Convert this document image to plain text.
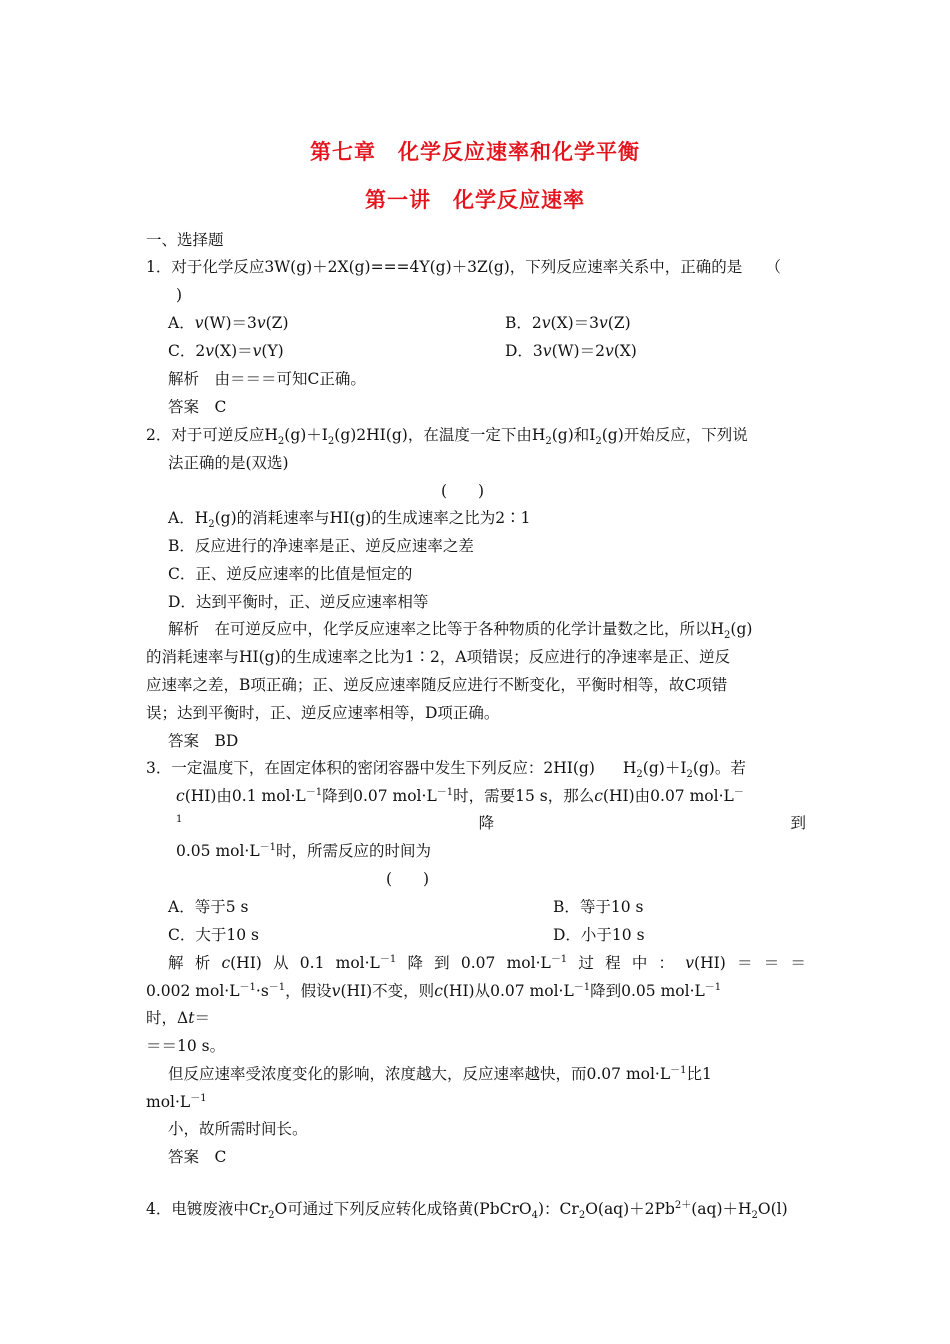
第七章　化学反应速率和化学平衡
第一讲　化学反应速率
一、选择题
1．对于化学反应3W(g)＋2X(g)===4Y(g)＋3Z(g)，下列反应速率关系中，正确的是　　（
)
A．v(W)＝3v(Z)	B．2v(X)＝3v(Z)
C．2v(X)＝v(Y)	D．3v(W)＝2v(X)
解析　由＝＝＝可知C正确。
答案　C
2．对于可逆反应$H_2(g)+I_2(g)2HI(g)$，在温度一定下由$H_2(g)$和$I_2(g)$开始反应，下列说
法正确的是(双选)
(　　)
A．$H_2(g)$的消耗速率与HI(g)的生成速率之比为2∶1
B．反应进行的净速率是正、逆反应速率之差
C．正、逆反应速率的比值是恒定的
D．达到平衡时，正、逆反应速率相等
解析　在可逆反应中，化学反应速率之比等于各种物质的化学计量数之比，所以$H_2(g)$
的消耗速率与HI(g)的生成速率之比为1∶2，A项错误；反应进行的净速率是正、逆反
应速率之差，B项正确；正、逆反应速率随反应进行不断变化，平衡时相等，故C项错
误；达到平衡时，正、逆反应速率相等，D项正确。
答案　BD
3．一定温度下，在固定体积的密闭容器中发生下列反应：2HI(g) $H_2(g)+I_2(g)$。若
c(HI)由0.1 $mol\cdot L^{-1}$降到0.07 $mol\cdot L^{-1}$时，需要15 s，那么c(HI)由0.07 mol·L－
1	降	到
0.05 $mol\cdot L^{-1}$时，所需反应的时间为
(　　)
A．等于5 s	B．等于10 s
C．大于10 s	D．小于10 s
解 析 c(HI) 从 0.1 $mol\cdot L^{-1}$ 降 到 0.07 $mol\cdot L^{-1}$ 过 程 中 ： v(HI) ＝ ＝ ＝
0.002 $mol\cdot L^{-1}\cdot s^{-1}$，假设v(HI)不变，则c(HI)从0.07 $mol\cdot L^{-1}$降到0.05 $mol\cdot L^{-1}$
时，Δt＝
＝＝10 s。
但反应速率受浓度变化的影响，浓度越大，反应速率越快，而0.07 $mol\cdot L^{-1}$比1
$mol\cdot L^{-1}$
小，故所需时间长。
答案　C
4．电镀废液中$Cr_2O$可通过下列反应转化成铬黄(PbCrO$_4$)：$Cr_2O(aq)+2Pb^{2+}(aq)+H_2O(l)$
